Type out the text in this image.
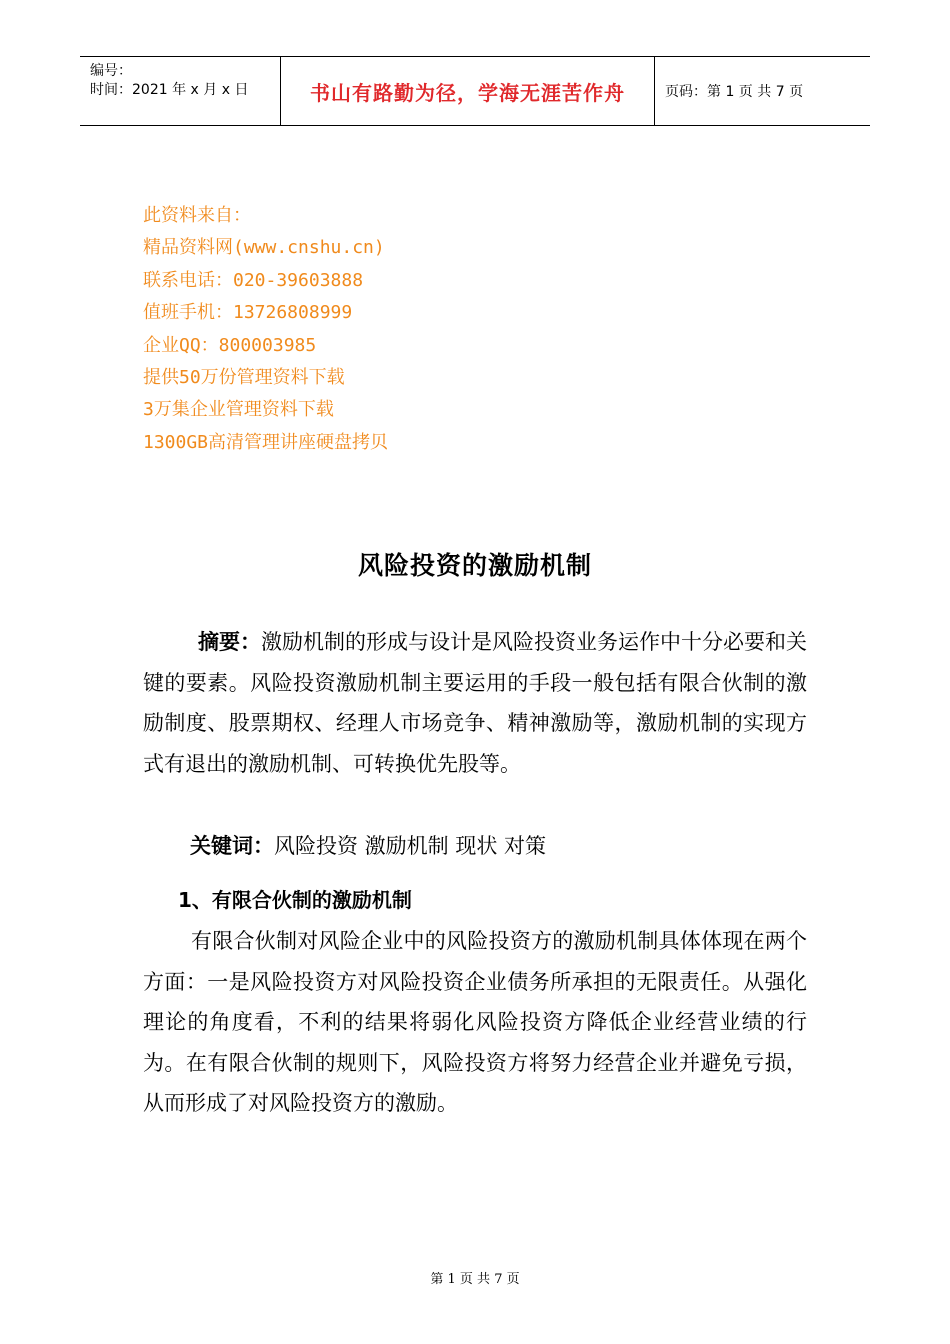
编号：
时间：2021 年 x 月 x 日	书山有路勤为径，学海无涯苦作舟	页码：第 1 页 共 7 页
此资料来自：
精品资料网(www.cnshu.cn)
联系电话：020-39603888
值班手机：13726808999
企业QQ：800003985
提供50万份管理资料下载
3万集企业管理资料下载
1300GB高清管理讲座硬盘拷贝
风险投资的激励机制
摘要：激励机制的形成与设计是风险投资业务运作中十分必要和关键的要素。风险投资激励机制主要运用的手段一般包括有限合伙制的激励制度、股票期权、经理人市场竞争、精神激励等，激励机制的实现方式有退出的激励机制、可转换优先股等。
关键词：风险投资 激励机制 现状 对策
1、有限合伙制的激励机制
有限合伙制对风险企业中的风险投资方的激励机制具体体现在两个方面：一是风险投资方对风险投资企业债务所承担的无限责任。从强化理论的角度看，不利的结果将弱化风险投资方降低企业经营业绩的行为。在有限合伙制的规则下，风险投资方将努力经营企业并避免亏损，从而形成了对风险投资方的激励。
第 1 页 共 7 页
